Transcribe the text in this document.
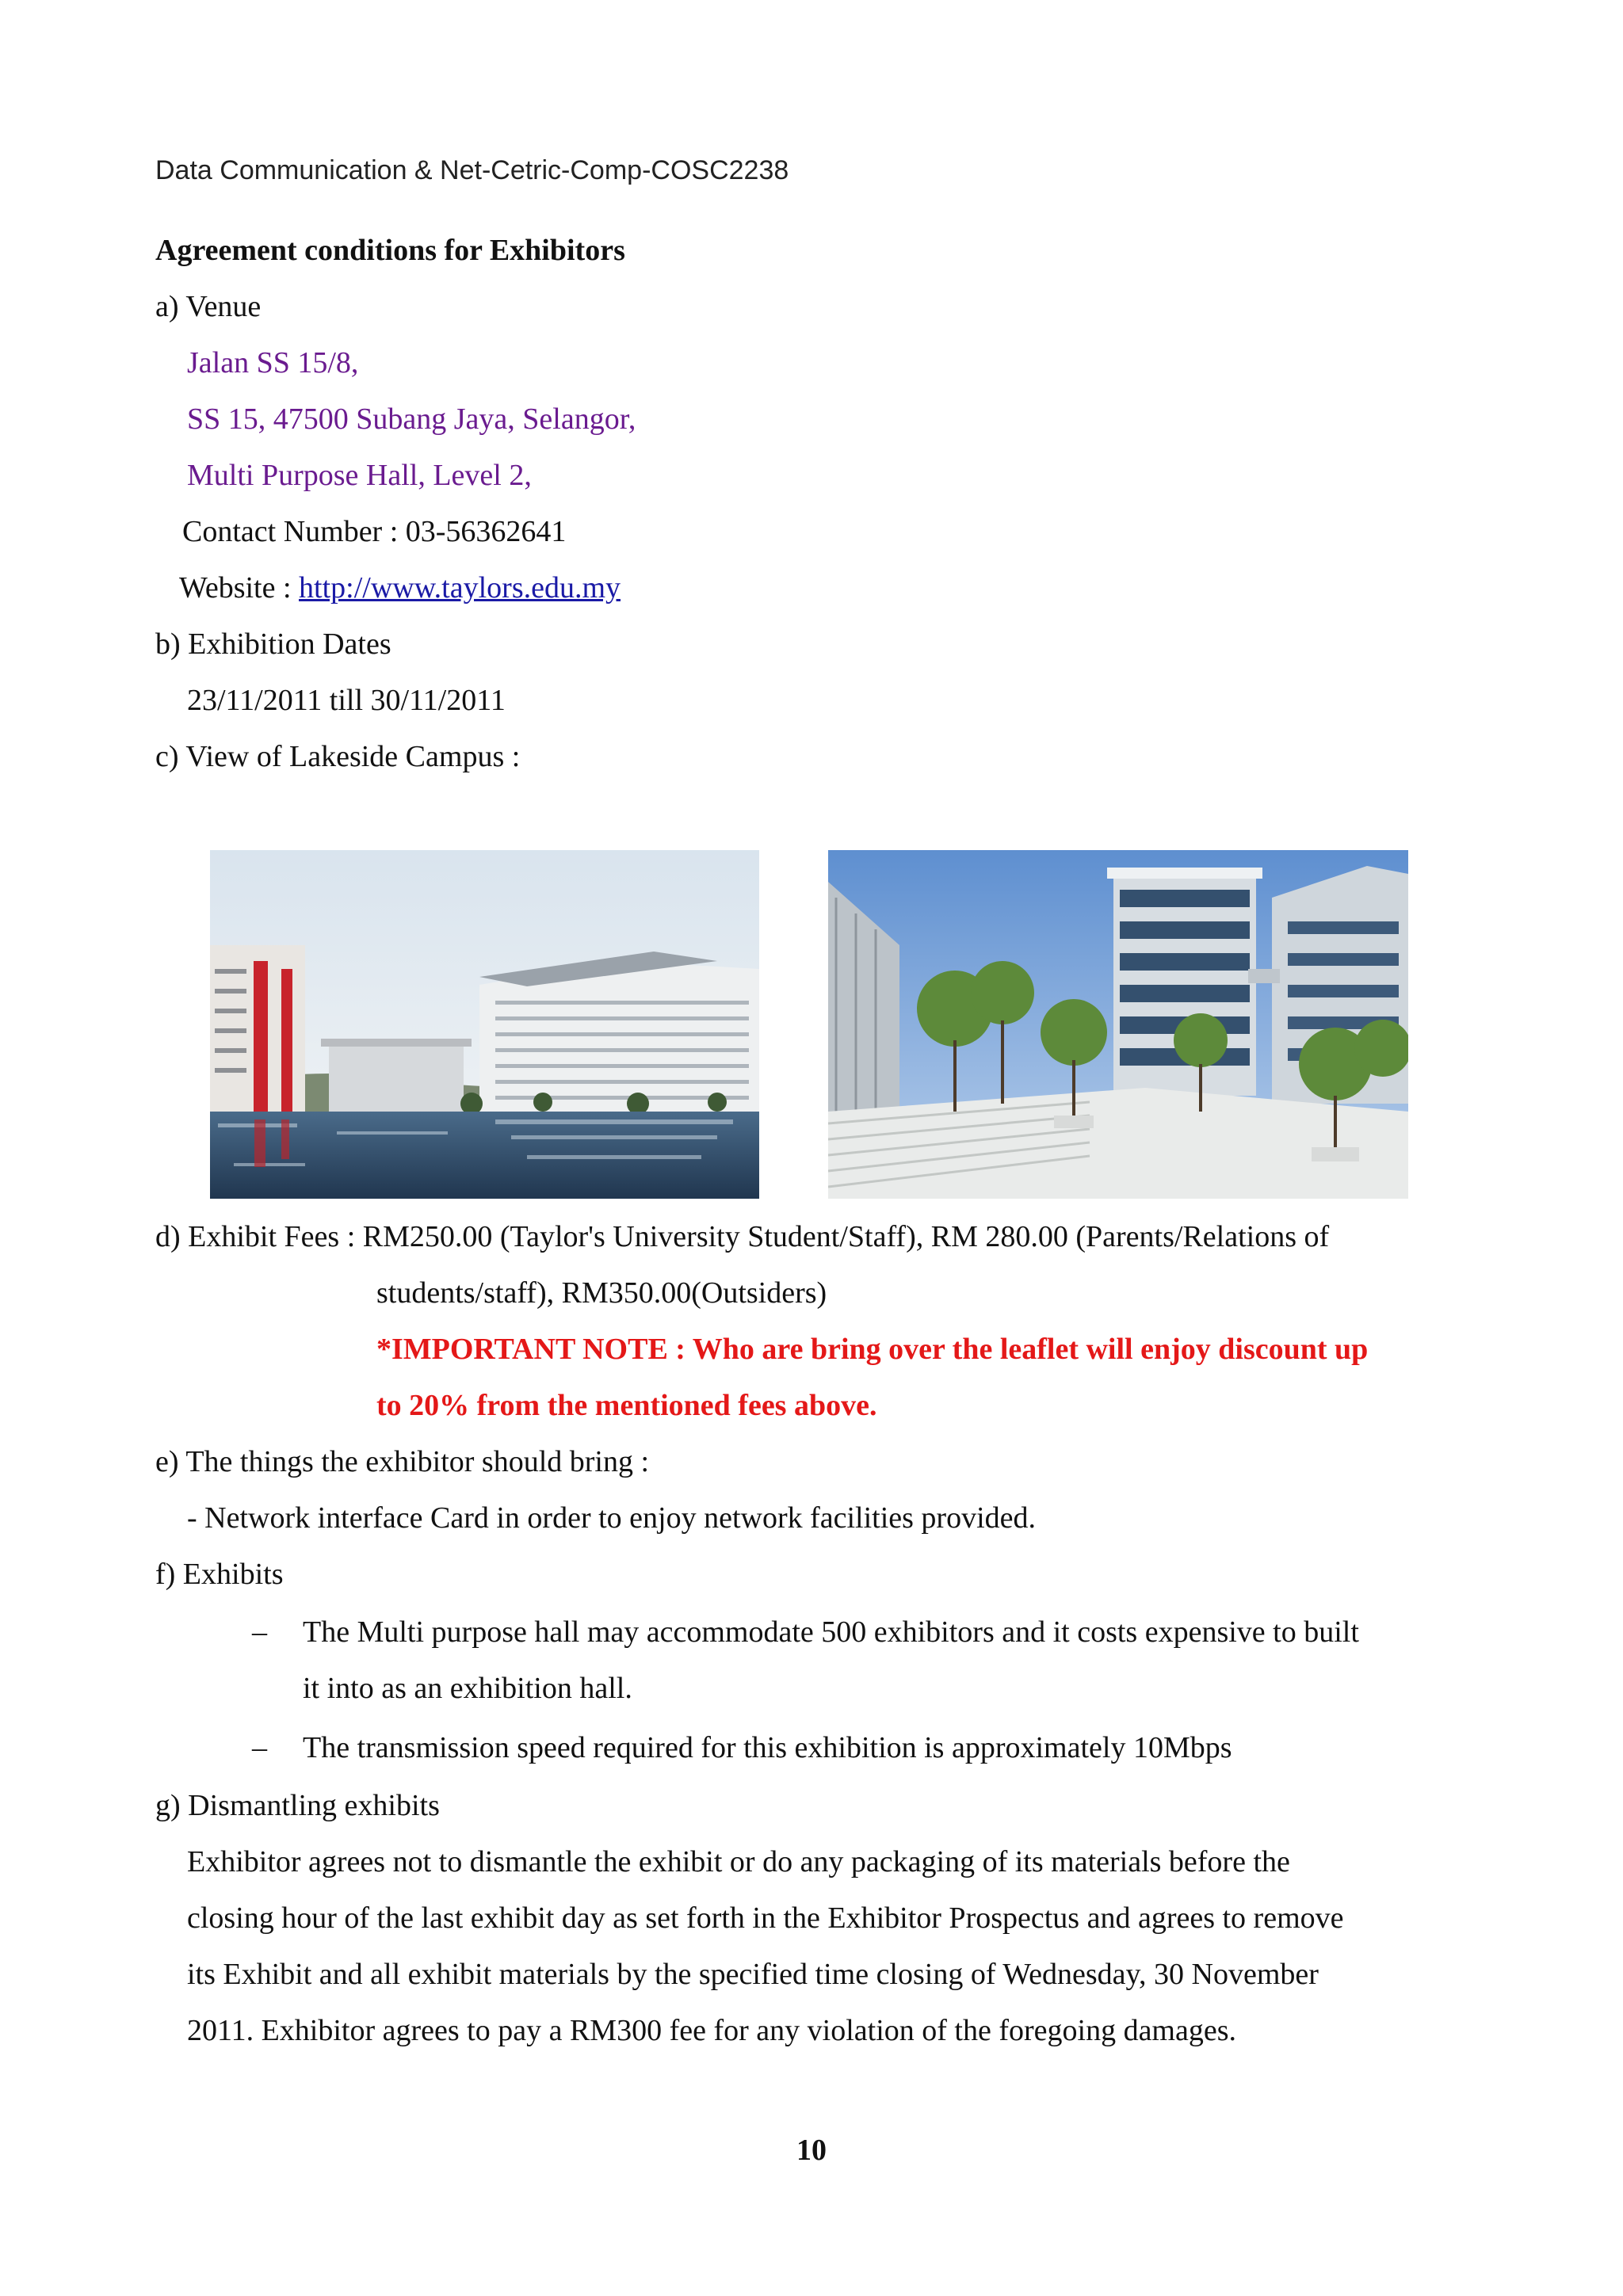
Data Communication & Net-Cetric-Comp-COSC2238
Agreement conditions for Exhibitors
a) Venue
Jalan SS 15/8,
SS 15, 47500 Subang Jaya, Selangor,
Multi Purpose Hall, Level 2,
Contact Number : 03-56362641
Website : http://www.taylors.edu.my
b) Exhibition Dates
23/11/2011 till 30/11/2011
c) View of Lakeside Campus :
d) Exhibit Fees : RM250.00 (Taylor's University Student/Staff), RM 280.00 (Parents/Relations of
students/staff), RM350.00(Outsiders)
*IMPORTANT NOTE : Who are bring over the leaflet will enjoy discount up
to 20% from the mentioned fees above.
e) The things the exhibitor should bring :
- Network interface Card in order to enjoy network facilities provided.
f) Exhibits
– The Multi purpose hall may accommodate 500 exhibitors and it costs expensive to built
it into as an exhibition hall.
– The transmission speed required for this exhibition is approximately 10Mbps
g) Dismantling exhibits
Exhibitor agrees not to dismantle the exhibit or do any packaging of its materials before the
closing hour of the last exhibit day as set forth in the Exhibitor Prospectus and agrees to remove
its Exhibit and all exhibit materials by the specified time closing of Wednesday, 30 November
2011. Exhibitor agrees to pay a RM300 fee for any violation of the foregoing damages.
10
